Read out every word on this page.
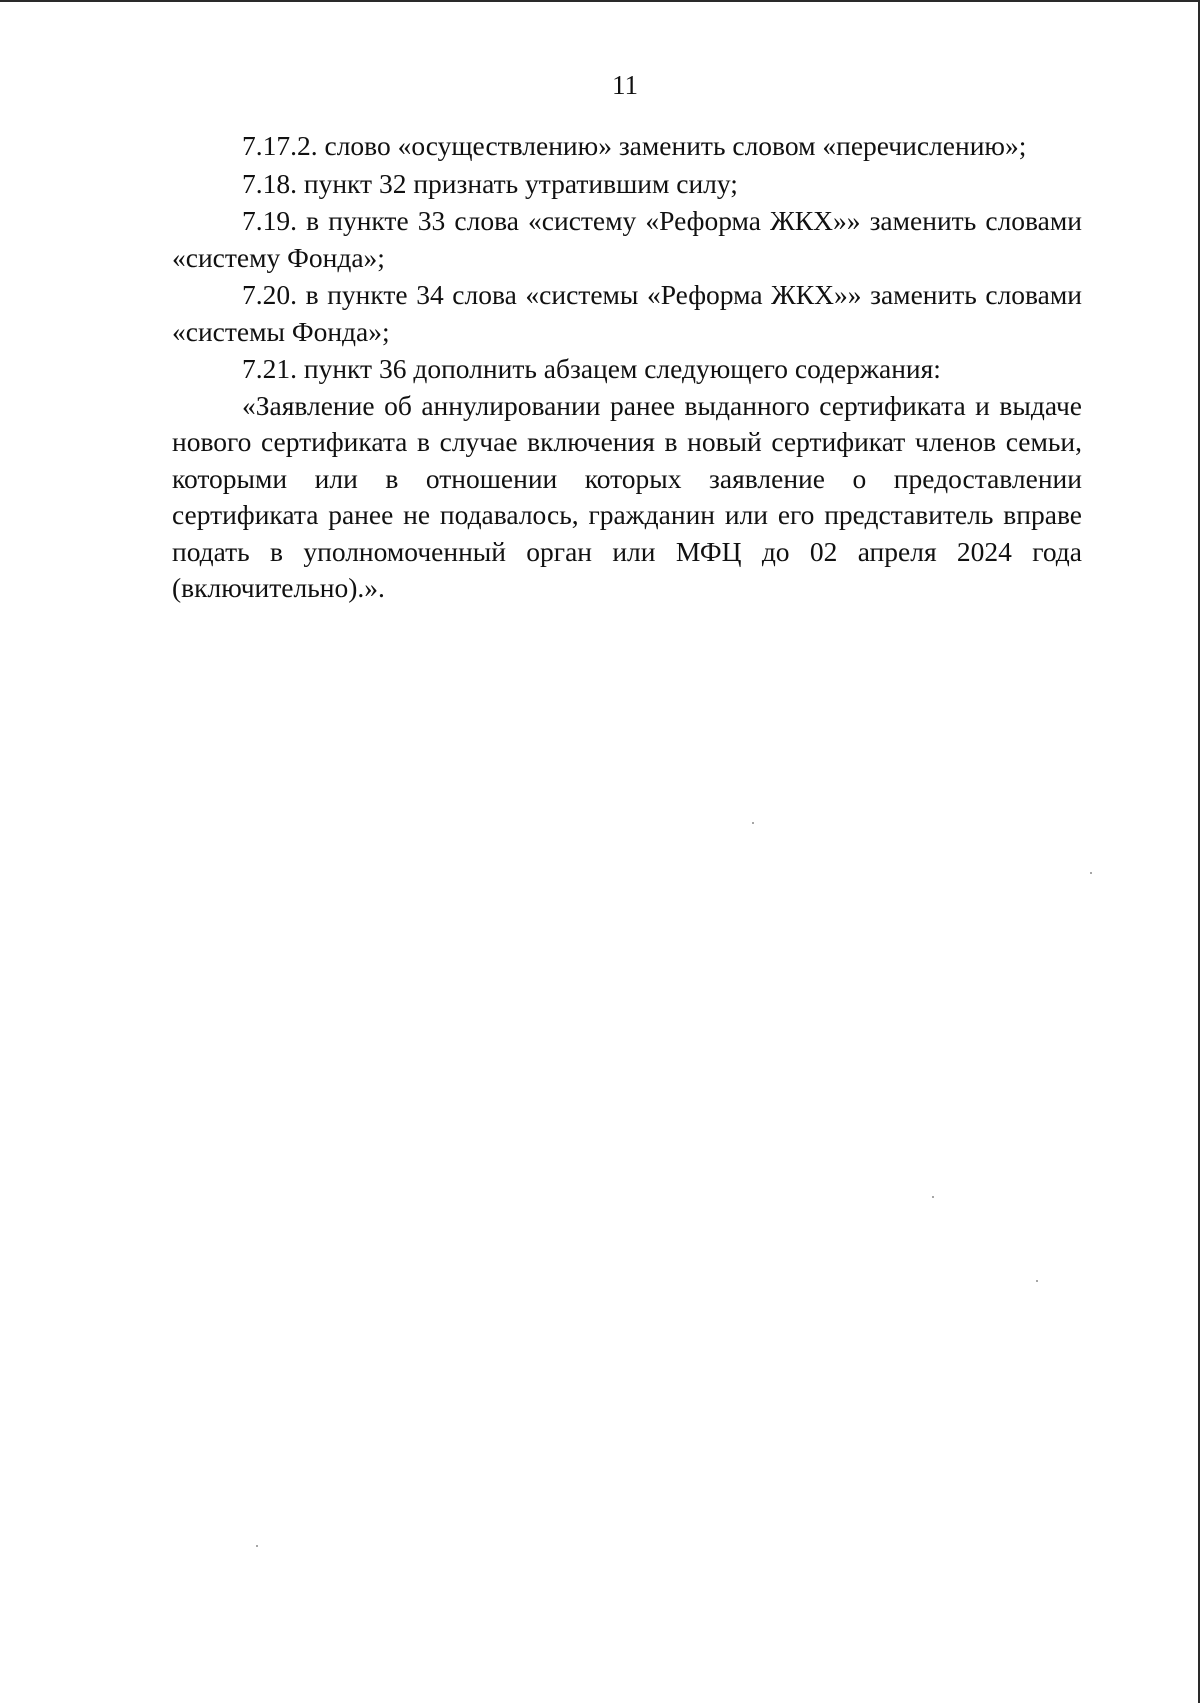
11

7.17.2. слово «осуществлению» заменить словом «перечислению»;

7.18. пункт 32 признать утратившим силу;

7.19. в пункте 33 слова «систему «Реформа ЖКХ»» заменить словами «систему Фонда»;

7.20. в пункте 34 слова «системы «Реформа ЖКХ»» заменить словами «системы Фонда»;

7.21. пункт 36 дополнить абзацем следующего содержания:

«Заявление об аннулировании ранее выданного сертификата и выдаче нового сертификата в случае включения в новый сертификат членов семьи, которыми или в отношении которых заявление о предоставлении сертификата ранее не подавалось, гражданин или его представитель вправе подать в уполномоченный орган или МФЦ до 02 апреля 2024 года (включительно).».
